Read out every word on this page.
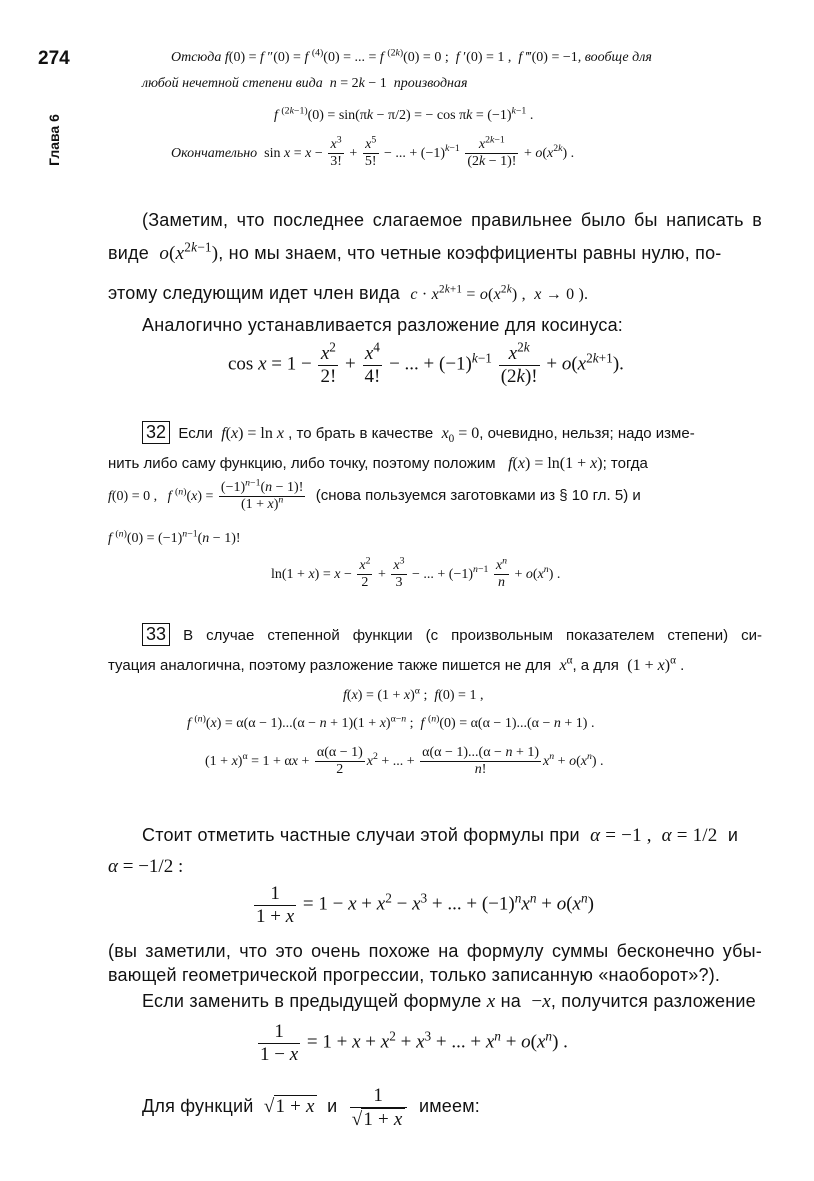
274
Глава 6
Отсюда f(0) = f ″(0) = f $^{(4)}$(0) = ... = f $^{(2k)}$(0) = 0 ;  f ′(0) = 1 ,  f ‴(0) = −1, вообще для
любой нечетной степени вида n = 2k − 1  производная
f $^{(2k-1)}$(0) = sin(πk − π/2) = − $\cos \pi k = (-1)^{k-1}$ .
Окончательно  $\sin x = x - \frac{x^3}{3!} + \frac{x^5}{5!}$ − ... + $(-1)^{k-1} \frac{x^{2k-1}}{(2k - 1)!} + o(x^{2k})$ .
(Заметим, что последнее слагаемое правильнее было бы написать в
виде $o(x^{2k-1})$, но мы знаем, что четные коэффициенты равны нулю, по-
этому следующим идет член вида $c \cdot x^{2k+1} = o(x^{2k})$ ,  x → 0 ).
Аналогично устанавливается разложение для косинуса:
$\cos x = 1 - \frac{x^2}{2!} + \frac{x^4}{4!}$ − ... + $(-1)^{k-1} \frac{x^{2k}}{(2k)!} + o(x^{2k+1})$.
32 Если f(x) = ln x , то брать в качестве $x_0 = 0$, очевидно, нельзя; надо изме-
нить либо саму функцию, либо точку, поэтому положим f(x) = ln(1 + x); тогда
f(0) = 0 ,   f $^{(n)}(x) = \frac{(-1)^{n-1}(n - 1)!}{(1 + x)^n}$ (снова пользуемся заготовками из § 10 гл. 5) и
f $^{(n)}(0) = (-1)^{n-1}(n - 1)$!
$\ln(1 + x) = x - \frac{x^2}{2} + \frac{x^3}{3}$ − ... + $(-1)^{n-1} \frac{x^n}{n} + o(x^n)$ .
33 В случае степенной функции (с произвольным показателем степени) си-
туация аналогична, поэтому разложение также пишется не для $x^\alpha$, а для $(1 + x)^\alpha$ .
$f(x) = (1 + x)^\alpha$ ;  f(0) = 1 ,
f $^{(n)}(x) = \alpha(\alpha - 1)...(\alpha - n + 1)(1 + x)^{\alpha-n}$ ;  f $^{(n)}$(0) = α(α − 1)...(α − n + 1) .
$(1 + x)^\alpha = 1 + \alpha x + \frac{\alpha(\alpha - 1)}{2} x^2$ + ... + $\frac{\alpha(\alpha - 1)...(\alpha - n + 1)}{n!} x^n + o(x^n)$ .
Стоит отметить частные случаи этой формулы при α = −1 ,  α = 1/2 и
α = −1/2 :
$\frac{1}{1 + x} = 1 - x + x^2 - x^3$ + ... + $(-1)^nx^n + o(x^n)$
(вы заметили, что это очень похоже на формулу суммы бесконечно убы-
вающей геометрической прогрессии, только записанную «наоборот»?).
Если заменить в предыдущей формуле x на −x, получится разложение
$\frac{1}{1 - x} = 1 + x + x^2 + x^3$ + ... + $x^n + o(x^n)$ .
Для функций √1 + x и $\frac{1}{√1 + x}$ имеем:
